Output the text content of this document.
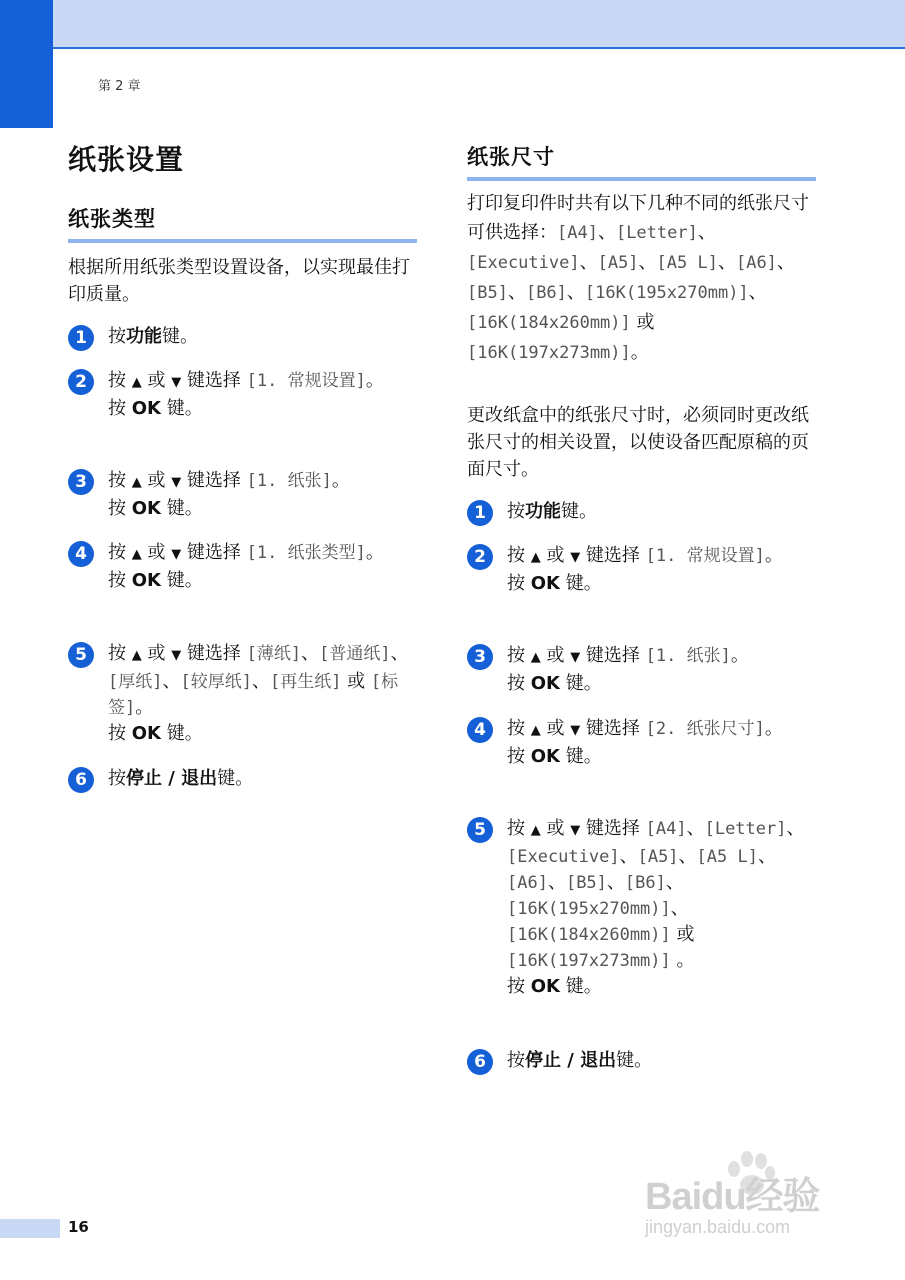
第 2 章
纸张设置
纸张类型
根据所用纸张类型设置设备，以实现最佳打印质量。
1	按功能键。
2	按 ▲ 或 ▼ 键选择 [1. 常规设置]。
按 OK 键。
3	按 ▲ 或 ▼ 键选择 [1. 纸张]。
按 OK 键。
4	按 ▲ 或 ▼ 键选择 [1. 纸张类型]。
按 OK 键。
5	按 ▲ 或 ▼ 键选择 [薄纸]、[普通纸]、[厚纸]、[较厚纸]、[再生纸] 或 [标签]。
按 OK 键。
6	按停止 / 退出键。
纸张尺寸
打印复印件时共有以下几种不同的纸张尺寸可供选择：[A4]、[Letter]、[Executive]、[A5]、[A5 L]、[A6]、[B5]、[B6]、[16K(195x270mm)]、[16K(184x260mm)] 或 [16K(197x273mm)]。
更改纸盒中的纸张尺寸时，必须同时更改纸张尺寸的相关设置，以使设备匹配原稿的页面尺寸。
1	按功能键。
2	按 ▲ 或 ▼ 键选择 [1. 常规设置]。
按 OK 键。
3	按 ▲ 或 ▼ 键选择 [1. 纸张]。
按 OK 键。
4	按 ▲ 或 ▼ 键选择 [2. 纸张尺寸]。
按 OK 键。
5	按 ▲ 或 ▼ 键选择 [A4]、[Letter]、[Executive]、[A5]、[A5 L]、[A6]、[B5]、[B6]、[16K(195x270mm)]、[16K(184x260mm)] 或 [16K(197x273mm)] 。
按 OK 键。
6	按停止 / 退出键。
16
Baidu经验
jingyan.baidu.com
